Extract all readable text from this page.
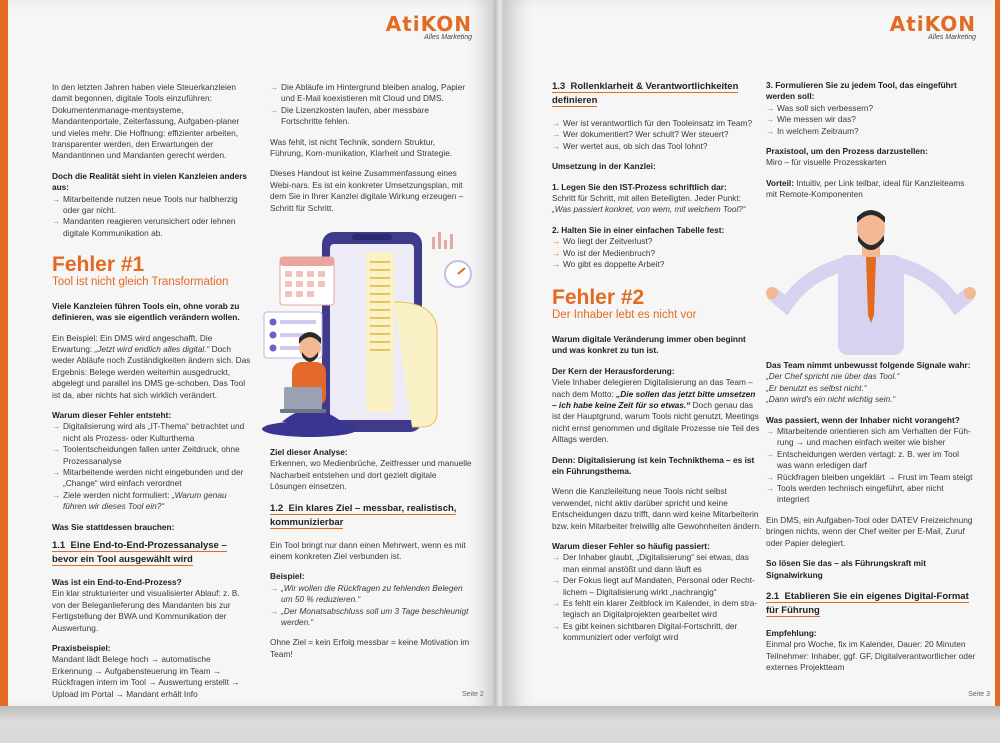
AtiKON
Alles Marketing

In den letzten Jahren haben viele Steuerkanzleien damit begonnen, digitale Tools einzuführen: Dokumentenmanage-mentsysteme, Mandantenportale, Zeiterfassung, Aufgaben-planer und vieles mehr. Die Hoffnung: effizienter arbeiten, transparenter werden, den Erwartungen der Mandantinnen und Mandanten gerecht werden.

Doch die Realität sieht in vielen Kanzleien anders aus:
→ Mitarbeitende nutzen neue Tools nur halbherzig oder gar nicht.
→ Mandanten reagieren verunsichert oder lehnen digitale Kommunikation ab.
Fehler #1
Tool ist nicht gleich Transformation

Viele Kanzleien führen Tools ein, ohne vorab zu definieren, was sie eigentlich verändern wollen.

Ein Beispiel: Ein DMS wird angeschafft. Die Erwartung: „Jetzt wird endlich alles digital.“ Doch weder Abläufe noch Zuständigkeiten ändern sich. Das Ergebnis: Belege werden weiterhin ausgedruckt, abgelegt und parallel ins DMS ge-schoben. Das Tool ist da, aber nichts hat sich wirklich verändert.

Warum dieser Fehler entsteht:
→ Digitalisierung wird als „IT-Thema“ betrachtet und nicht als Prozess- oder Kulturthema
→ Toolentscheidungen fallen unter Zeitdruck, ohne Prozessanalyse
→ Mitarbeitende werden nicht eingebunden und der „Change“ wird einfach verordnet
→ Ziele werden nicht formuliert: „Warum genau führen wir dieses Tool ein?“
Was Sie stattdessen brauchen:
1.1 Eine End-to-End-Prozessanalyse – bevor ein Tool ausgewählt wird
Was ist ein End-to-End-Prozess?

Ein klar strukturierter und visualisierter Ablauf: z. B. von der Beleganlieferung des Mandanten bis zur Fertigstellung der BWA und Kommunikation der Auswertung.

Praxisbeispiel:

Mandant lädt Belege hoch → automatische Erkennung → Aufgabensteuerung im Team → Rückfragen intern im Tool → Auswertung erstellt → Upload im Portal → Mandant erhält Info

→ Die Abläufe im Hintergrund bleiben analog, Papier und E-Mail koexistieren mit Cloud und DMS.
→ Die Lizenzkosten laufen, aber messbare Fortschritte fehlen.

Was fehlt, ist nicht Technik, sondern Struktur, Führung, Kom-munikation, Klarheit und Strategie.

Dieses Handout ist keine Zusammenfassung eines Webi-nars. Es ist ein konkreter Umsetzungsplan, mit dem Sie in Ihrer Kanzlei digitale Wirkung erzeugen – Schritt für Schritt.

Ziel dieser Analyse:

Erkennen, wo Medienbrüche, Zeitfresser und manuelle Nacharbeit entstehen und dort gezielt digitale Lösungen einsetzen.

1.2 Ein klares Ziel – messbar, realistisch, kommunizierbar

Ein Tool bringt nur dann einen Mehrwert, wenn es mit einem konkreten Ziel verbunden ist.

Beispiel:
→ „Wir wollen die Rückfragen zu fehlenden Belegen um 50 % reduzieren.“
→ „Der Monatsabschluss soll um 3 Tage beschleunigt werden.“

Ohne Ziel = kein Erfolg messbar = keine Motivation im Team!

Seite 2
AtiKON
Alles Marketing
1.3 Rollenklarheit & Verantwortlichkeiten definieren
→ Wer ist verantwortlich für den Tooleinsatz im Team?
→ Wer dokumentiert? Wer schult? Wer steuert?
→ Wer wertet aus, ob sich das Tool lohnt?

Umsetzung in der Kanzlei:

1. Legen Sie den IST-Prozess schriftlich dar:

Schritt für Schritt, mit allen Beteiligten. Jeder Punkt: „Was passiert konkret, von wem, mit welchem Tool?“

2. Halten Sie in einer einfachen Tabelle fest:
→ Wo liegt der Zeitverlust?
→ Wo ist der Medienbruch?
→ Wo gibt es doppelte Arbeit?
Fehler #2
Der Inhaber lebt es nicht vor

Warum digitale Veränderung immer oben beginnt und was konkret zu tun ist.

Der Kern der Herausforderung:

Viele Inhaber delegieren Digitalisierung an das Team – nach dem Motto: „Die sollen das jetzt bitte umsetzen – ich habe keine Zeit für so etwas.“ Doch genau das ist der Hauptgrund, warum Tools nicht genutzt, Meetings nicht ernst genommen und digitale Prozesse nie Teil des Alltags werden.

Denn: Digitalisierung ist kein Technikthema – es ist ein Führungsthema.

Wenn die Kanzleileitung neue Tools nicht selbst verwendet, nicht aktiv darüber spricht und keine Entscheidungen dazu trifft, dann wird keine Mitarbeiterin bzw. kein Mitarbeiter freiwillig alte Gewohnheiten ändern.

Warum dieser Fehler so häufig passiert:
→ Der Inhaber glaubt, „Digitalisierung“ sei etwas, das man einmal anstößt und dann läuft es
→ Der Fokus liegt auf Mandaten, Personal oder Recht-lichem – Digitalisierung wirkt „nachrangig“
→ Es fehlt ein klarer Zeitblock im Kalender, in dem stra-tegisch an Digitalprojekten gearbeitet wird
→ Es gibt keinen sichtbaren Digital-Fortschritt, der kommuniziert oder verfolgt wird
3. Formulieren Sie zu jedem Tool, das eingeführt werden soll:
→ Was soll sich verbessern?
→ Wie messen wir das?
→ In welchem Zeitraum?
Praxistool, um den Prozess darzustellen:

Miro – für visuelle Prozesskarten

Vorteil: Intuitiv, per Link teilbar, ideal für Kanzleiteams mit Remote-Komponenten

Das Team nimmt unbewusst folgende Signale wahr:

„Der Chef spricht nie über das Tool.“
„Er benutzt es selbst nicht.“
„Dann wird's ein nicht wichtig sein.“

Was passiert, wenn der Inhaber nicht vorangeht?
→ Mitarbeitende orientieren sich am Verhalten der Füh-rung → und machen einfach weiter wie bisher
→ Entscheidungen werden vertagt: z. B. wer im Tool was wann erledigen darf
→ Rückfragen bleiben ungeklärt → Frust im Team steigt
→ Tools werden technisch eingeführt, aber nicht integriert

Ein DMS, ein Aufgaben-Tool oder DATEV Freizeichnung bringen nichts, wenn der Chef weiter per E-Mail, Zuruf oder Papier delegiert.

So lösen Sie das – als Führungskraft mit Signalwirkung

2.1 Etablieren Sie ein eigenes Digital-Format für Führung
Empfehlung:

Einmal pro Woche, fix im Kalender, Dauer: 20 Minuten Teilnehmer: Inhaber, ggf. GF, Digitalverantwortlicher oder externes Projektteam

Seite 3
